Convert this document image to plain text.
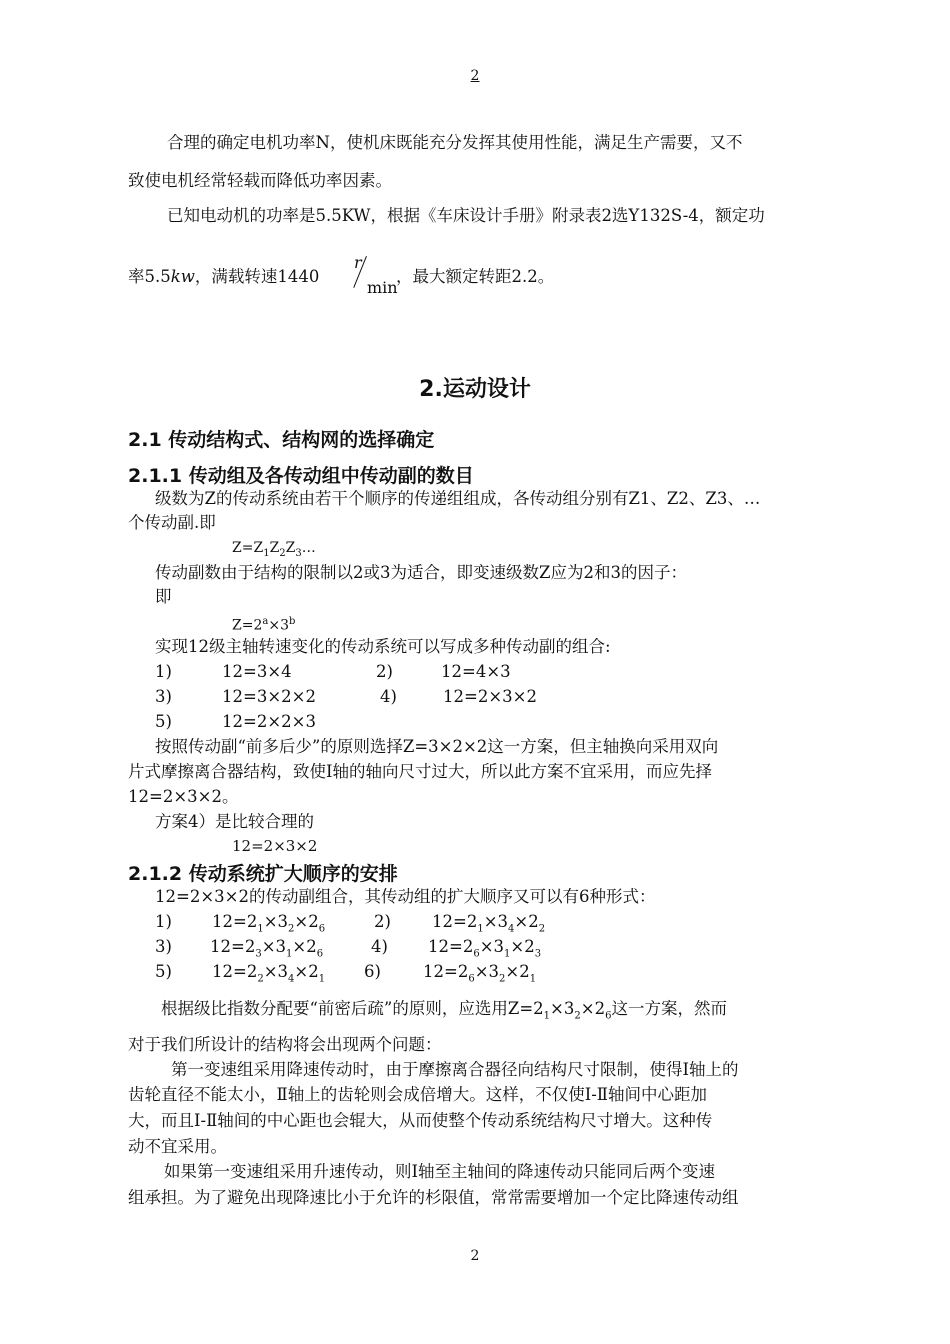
2
合理的确定电机功率N，使机床既能充分发挥其使用性能，满足生产需要，又不
致使电机经常轻载而降低功率因素。
已知电动机的功率是5.5KW，根据《车床设计手册》附录表2选Y132S-4，额定功
率5.5kw，满载转速1440
r
min
，最大额定转距2.2。
2.运动设计
2.1 传动结构式、结构网的选择确定
2.1.1 传动组及各传动组中传动副的数目
级数为Z的传动系统由若干个顺序的传递组组成，各传动组分别有Z1、Z2、Z3、…
个传动副.即
$Z=Z_1Z_2Z_3\dots$
传动副数由于结构的限制以2或3为适合，即变速级数Z应为2和3的因子：
即
$Z=2^a\times 3^b$
实现12级主轴转速变化的传动系统可以写成多种传动副的组合:
1)	12=3×4	2)	12=4×3
3)	12=3×2×2	4)	12=2×3×2
5)	12=2×2×3
按照传动副“前多后少”的原则选择Z=3×2×2这一方案，但主轴换向采用双向
片式摩擦离合器结构，致使Ⅰ轴的轴向尺寸过大，所以此方案不宜采用，而应先择
12=2×3×2。
方案4）是比较合理的
12=2×3×2
2.1.2 传动系统扩大顺序的安排
12=2×3×2的传动副组合，其传动组的扩大顺序又可以有6种形式：
1) $12=2_1\times 3_2\times 2_6$	2) $12=2_1\times 3_4\times 2_2$
3) $12=2_3\times 3_1\times 2_6$	4) $12=2_6\times 3_1\times 2_3$
5) $12=2_2\times 3_4\times 2_1$ 6)	$12=2_6\times 3_2\times 2_1$
根据级比指数分配要“前密后疏”的原则，应选用$Z=2_1\times 3_2\times 2_6$这一方案，然而
对于我们所设计的结构将会出现两个问题：
第一变速组采用降速传动时，由于摩擦离合器径向结构尺寸限制，使得Ⅰ轴上的
齿轮直径不能太小，Ⅱ轴上的齿轮则会成倍增大。这样，不仅使Ⅰ-Ⅱ轴间中心距加
大，而且Ⅰ-Ⅱ轴间的中心距也会辊大，从而使整个传动系统结构尺寸增大。这种传
动不宜采用。
如果第一变速组采用升速传动，则Ⅰ轴至主轴间的降速传动只能同后两个变速
组承担。为了避免出现降速比小于允许的杉限值，常常需要增加一个定比降速传动组
2
